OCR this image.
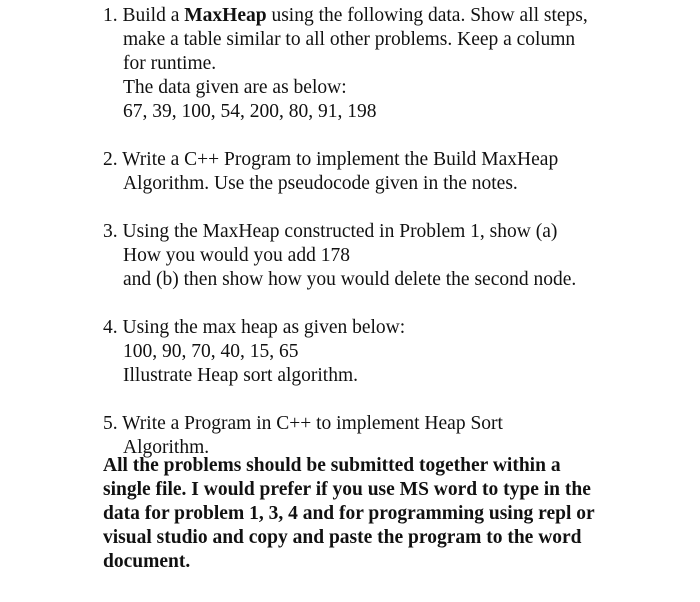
1. Build a MaxHeap using the following data. Show all steps,
make a table similar to all other problems. Keep a column
for runtime.
The data given are as below:
67, 39, 100, 54, 200, 80, 91, 198
2. Write a C++ Program to implement the Build MaxHeap
Algorithm. Use the pseudocode given in the notes.
3. Using the MaxHeap constructed in Problem 1, show (a)
How you would you add 178
and (b) then show how you would delete the second node.
4. Using the max heap as given below:
100, 90, 70, 40, 15, 65
Illustrate Heap sort algorithm.
5. Write a Program in C++ to implement Heap Sort
Algorithm.
All the problems should be submitted together within a single file. I would prefer if you use MS word to type in the data for problem 1, 3, 4 and for programming using repl or visual studio and copy and paste the program to the word document.
